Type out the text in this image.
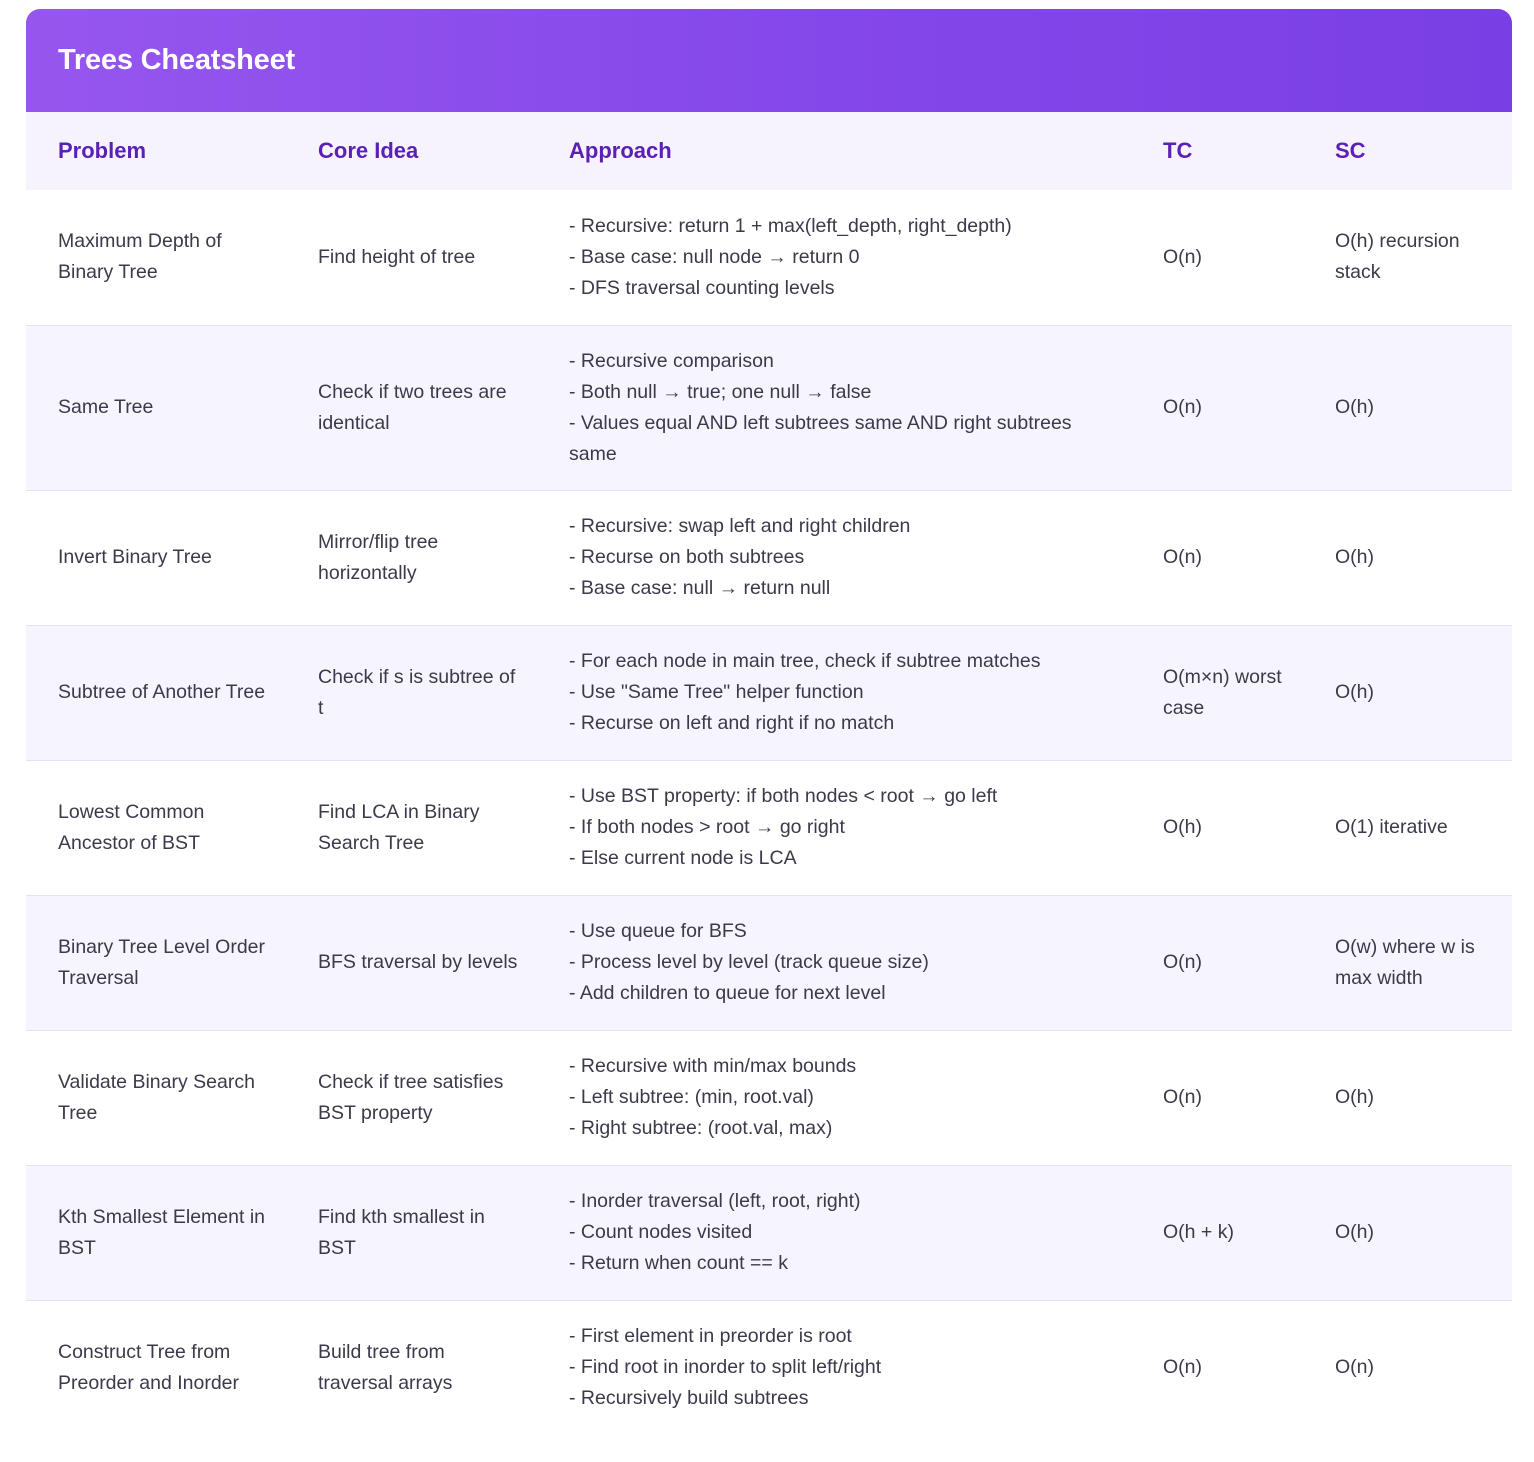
Trees Cheatsheet
Problem	Core Idea	Approach	TC	SC
Maximum Depth of Binary Tree	Find height of tree	- Recursive: return 1 + max(left_depth, right_depth)
- Base case: null node → return 0
- DFS traversal counting levels	O(n)	O(h) recursion stack
Same Tree	Check if two trees are identical	- Recursive comparison
- Both null → true; one null → false
- Values equal AND left subtrees same AND right subtrees same	O(n)	O(h)
Invert Binary Tree	Mirror/flip tree horizontally	- Recursive: swap left and right children
- Recurse on both subtrees
- Base case: null → return null	O(n)	O(h)
Subtree of Another Tree	Check if s is subtree of t	- For each node in main tree, check if subtree matches
- Use "Same Tree" helper function
- Recurse on left and right if no match	O(m×n) worst case	O(h)
Lowest Common Ancestor of BST	Find LCA in Binary Search Tree	- Use BST property: if both nodes < root → go left
- If both nodes > root → go right
- Else current node is LCA	O(h)	O(1) iterative
Binary Tree Level Order Traversal	BFS traversal by levels	- Use queue for BFS
- Process level by level (track queue size)
- Add children to queue for next level	O(n)	O(w) where w is max width
Validate Binary Search Tree	Check if tree satisfies BST property	- Recursive with min/max bounds
- Left subtree: (min, root.val)
- Right subtree: (root.val, max)	O(n)	O(h)
Kth Smallest Element in BST	Find kth smallest in BST	- Inorder traversal (left, root, right)
- Count nodes visited
- Return when count == k	O(h + k)	O(h)
Construct Tree from Preorder and Inorder	Build tree from traversal arrays	- First element in preorder is root
- Find root in inorder to split left/right
- Recursively build subtrees	O(n)	O(n)
